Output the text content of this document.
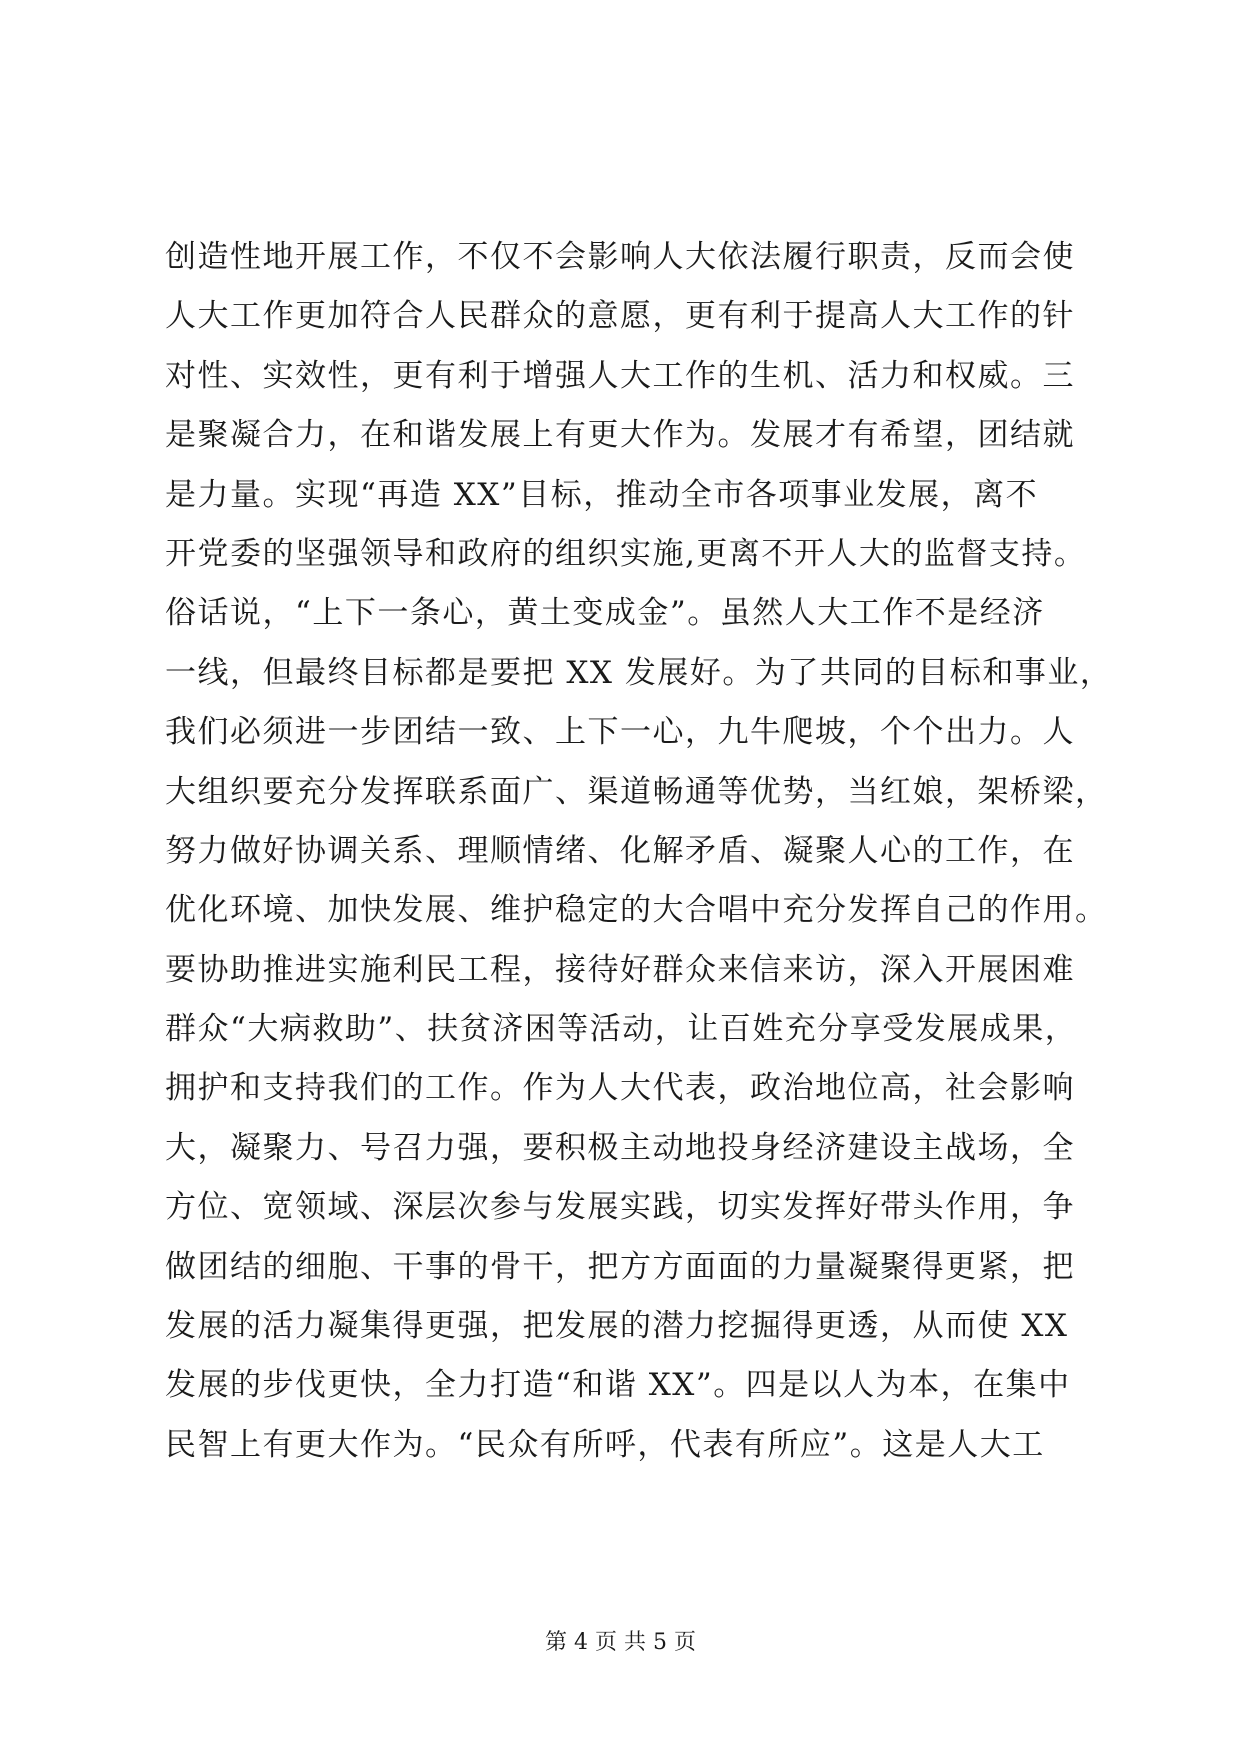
创造性地开展工作，不仅不会影响人大依法履行职责，反而会使
人大工作更加符合人民群众的意愿，更有利于提高人大工作的针
对性、实效性，更有利于增强人大工作的生机、活力和权威。三
是聚凝合力，在和谐发展上有更大作为。发展才有希望，团结就
是力量。实现“再造 XX”目标，推动全市各项事业发展，离不
开党委的坚强领导和政府的组织实施,更离不开人大的监督支持。
俗话说，“上下一条心，黄土变成金”。虽然人大工作不是经济
一线，但最终目标都是要把 XX 发展好。为了共同的目标和事业，
我们必须进一步团结一致、上下一心，九牛爬坡，个个出力。人
大组织要充分发挥联系面广、渠道畅通等优势，当红娘，架桥梁，
努力做好协调关系、理顺情绪、化解矛盾、凝聚人心的工作，在
优化环境、加快发展、维护稳定的大合唱中充分发挥自己的作用。
要协助推进实施利民工程，接待好群众来信来访，深入开展困难
群众“大病救助”、扶贫济困等活动，让百姓充分享受发展成果，
拥护和支持我们的工作。作为人大代表，政治地位高，社会影响
大，凝聚力、号召力强，要积极主动地投身经济建设主战场，全
方位、宽领域、深层次参与发展实践，切实发挥好带头作用，争
做团结的细胞、干事的骨干，把方方面面的力量凝聚得更紧，把
发展的活力凝集得更强，把发展的潜力挖掘得更透，从而使 XX
发展的步伐更快，全力打造“和谐 XX”。四是以人为本，在集中
民智上有更大作为。“民众有所呼，代表有所应”。这是人大工
第 4 页 共 5 页
